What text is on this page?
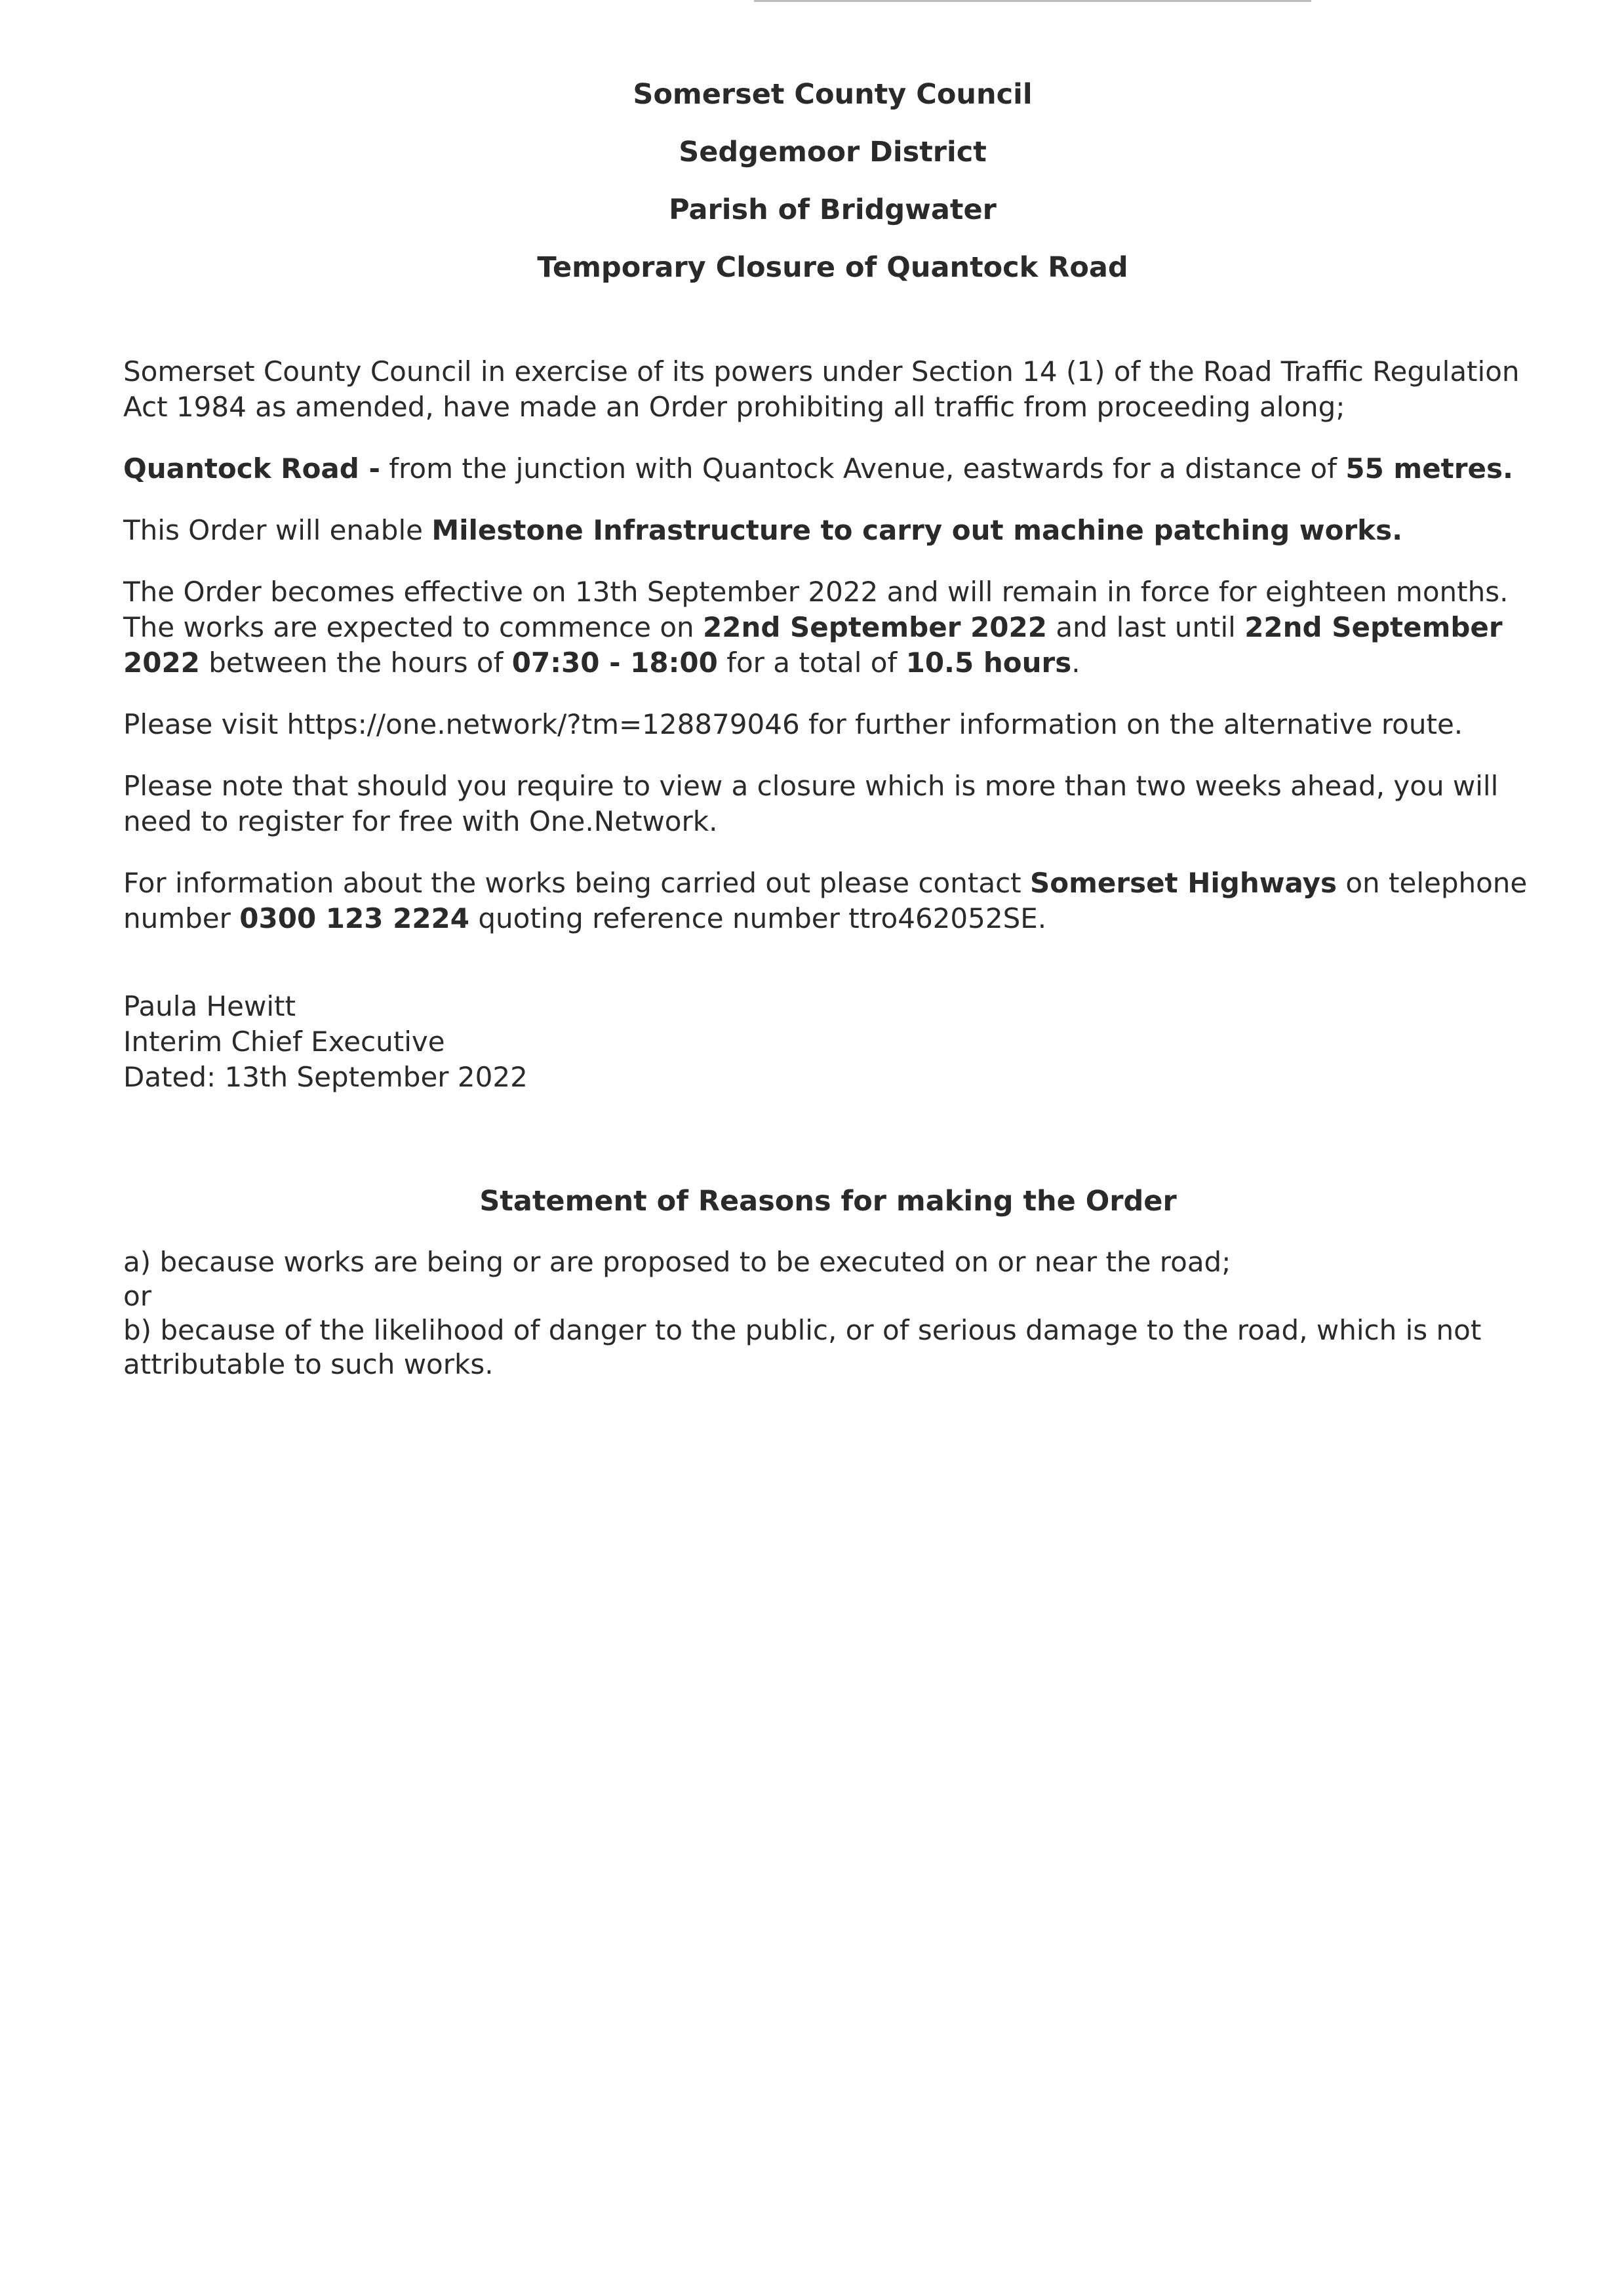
Somerset County Council

Sedgemoor District

Parish of Bridgwater

Temporary Closure of Quantock Road

Somerset County Council in exercise of its powers under Section 14 (1) of the Road Traffic Regulation Act 1984 as amended, have made an Order prohibiting all traffic from proceeding along;

Quantock Road - from the junction with Quantock Avenue, eastwards for a distance of 55 metres.

This Order will enable Milestone Infrastructure to carry out machine patching works.

The Order becomes effective on 13th September 2022 and will remain in force for eighteen months. The works are expected to commence on 22nd September 2022 and last until 22nd September 2022 between the hours of 07:30 - 18:00 for a total of 10.5 hours.

Please visit https://one.network/?tm=128879046 for further information on the alternative route.

Please note that should you require to view a closure which is more than two weeks ahead, you will need to register for free with One.Network.

For information about the works being carried out please contact Somerset Highways on telephone number 0300 123 2224 quoting reference number ttro462052SE.

Paula Hewitt
Interim Chief Executive
Dated: 13th September 2022
Statement of Reasons for making the Order
a) because works are being or are proposed to be executed on or near the road;
or
b) because of the likelihood of danger to the public, or of serious damage to the road, which is not attributable to such works.
